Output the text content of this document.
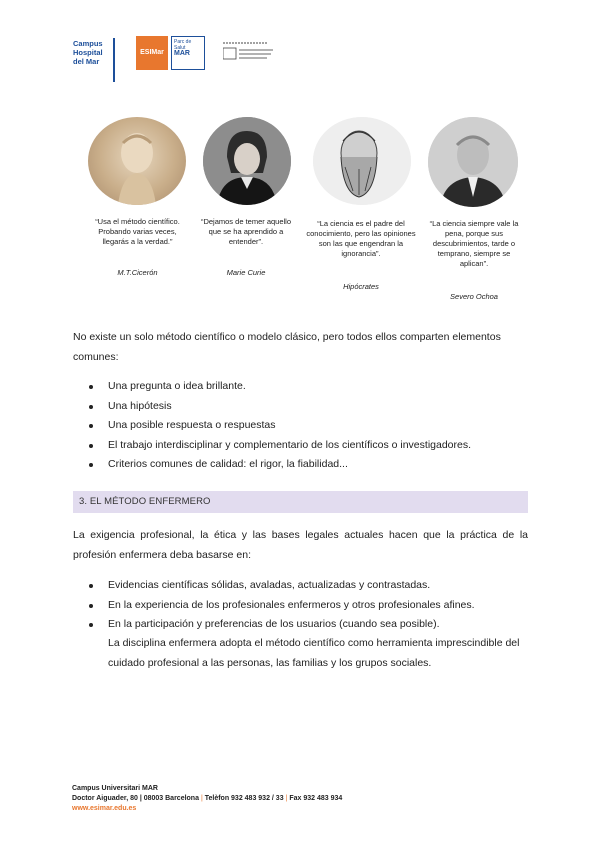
Campus
Hospital
del Mar
ESIMar
Parc de Salut
MAR
“Usa el método científico. Probando varias veces, llegarás a la verdad.”
M.T.Cicerón
“Dejamos de temer aquello que se ha aprendido a entender”.
Marie Curie
“La ciencia es el padre del conocimiento, pero las opiniones son las que engendran la ignorancia”.
Hipócrates
“La ciencia siempre vale la pena, porque sus descubrimientos, tarde o temprano, siempre se aplican”.
Severo Ochoa
No existe un solo método científico o modelo clásico, pero todos ellos comparten elementos comunes:
Una pregunta o idea brillante.
Una hipótesis
Una posible respuesta o respuestas
El trabajo interdisciplinar y complementario de los científicos o investigadores.
Criterios comunes de calidad: el rigor, la fiabilidad...
3. EL MÉTODO ENFERMERO
La exigencia profesional, la ética y las bases legales actuales hacen que la práctica de la profesión enfermera deba basarse en:
Evidencias científicas sólidas, avaladas, actualizadas y contrastadas.
En la experiencia de los profesionales enfermeros y otros profesionales afines.
En la participación y preferencias de los usuarios (cuando sea posible).
La disciplina enfermera adopta el método científico como herramienta imprescindible del cuidado profesional a las personas, las familias y los grupos sociales.
Campus Universitari MAR
Doctor Aiguader, 80 | 08003 Barcelona | Telèfon 932 483 932 / 33 | Fax 932 483 934
www.esimar.edu.es
